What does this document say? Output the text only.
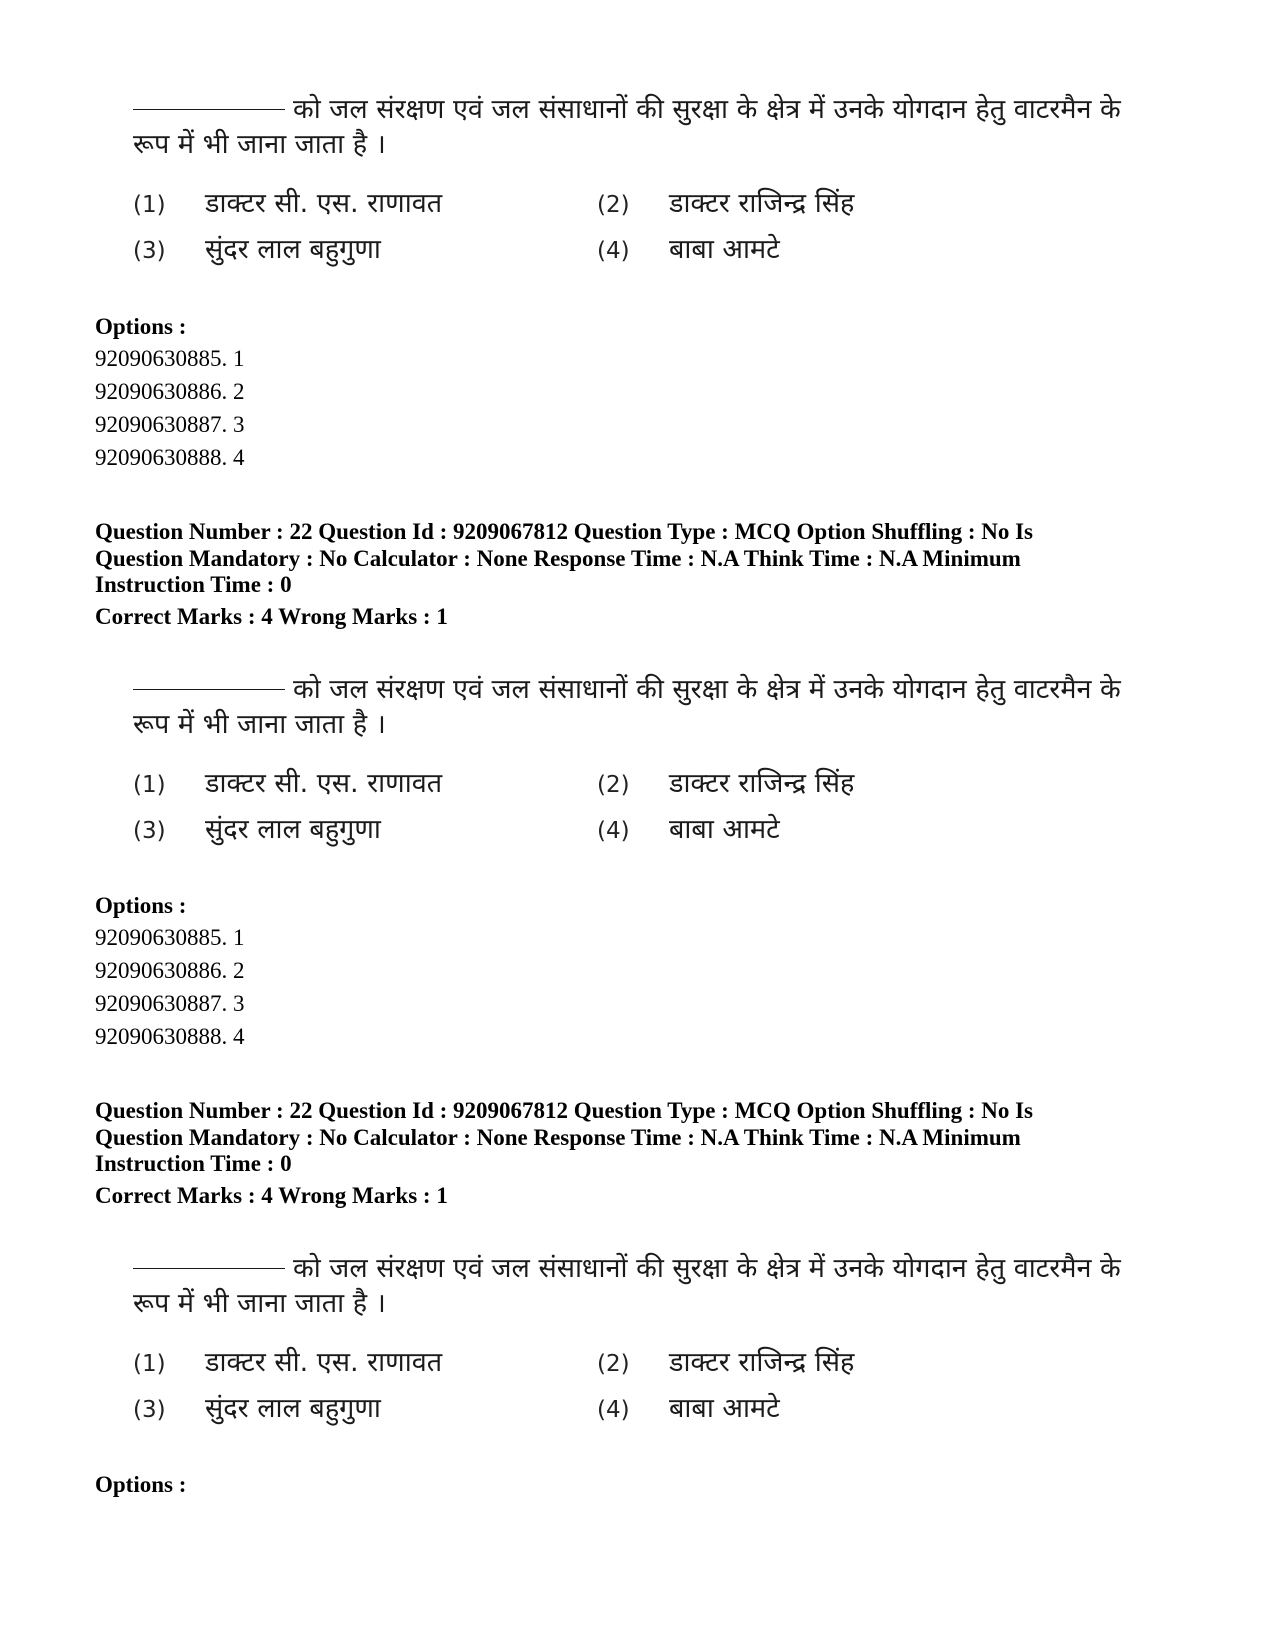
को जल संरक्षण एवं जल संसाधानों की सुरक्षा के क्षेत्र में उनके योगदान हेतु वाटरमैन के रूप में भी जाना जाता है ।

(1) डाक्टर सी. एस. राणावत	(2) डाक्टर राजिन्द्र सिंह
(3) सुंदर लाल बहुगुणा	(4) बाबा आमटे

Options :

92090630885. 1
92090630886. 2
92090630887. 3
92090630888. 4

Question Number : 22 Question Id : 9209067812 Question Type : MCQ Option Shuffling : No Is Question Mandatory : No Calculator : None Response Time : N.A Think Time : N.A Minimum Instruction Time : 0

Correct Marks : 4 Wrong Marks : 1

को जल संरक्षण एवं जल संसाधानों की सुरक्षा के क्षेत्र में उनके योगदान हेतु वाटरमैन के रूप में भी जाना जाता है ।

(1) डाक्टर सी. एस. राणावत	(2) डाक्टर राजिन्द्र सिंह
(3) सुंदर लाल बहुगुणा	(4) बाबा आमटे

Options :

92090630885. 1
92090630886. 2
92090630887. 3
92090630888. 4

Question Number : 22 Question Id : 9209067812 Question Type : MCQ Option Shuffling : No Is Question Mandatory : No Calculator : None Response Time : N.A Think Time : N.A Minimum Instruction Time : 0

Correct Marks : 4 Wrong Marks : 1

को जल संरक्षण एवं जल संसाधानों की सुरक्षा के क्षेत्र में उनके योगदान हेतु वाटरमैन के रूप में भी जाना जाता है ।

(1) डाक्टर सी. एस. राणावत	(2) डाक्टर राजिन्द्र सिंह
(3) सुंदर लाल बहुगुणा	(4) बाबा आमटे

Options :
